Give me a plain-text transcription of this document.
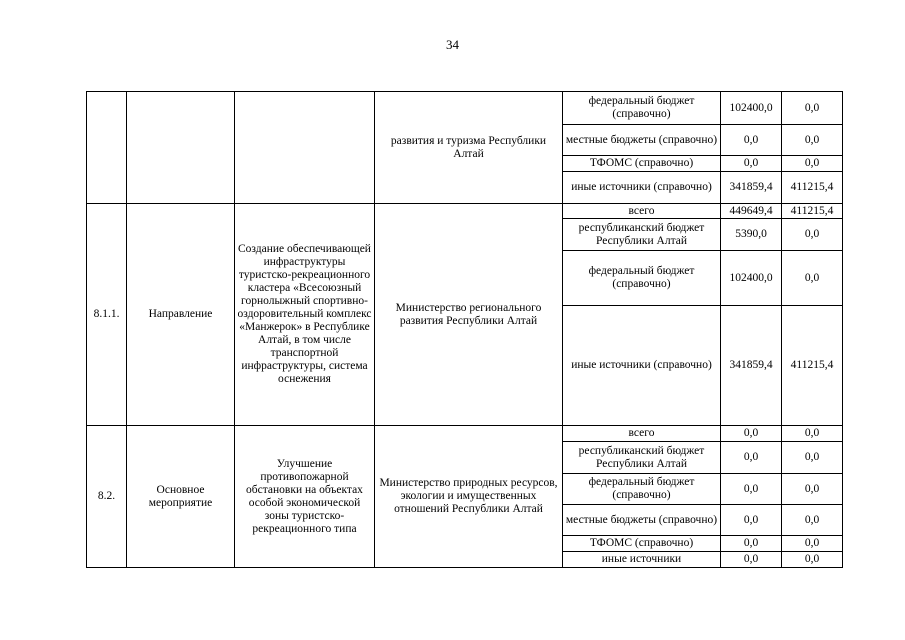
34
			развития и туризма Республики Алтай	федеральный бюджет (справочно)	102400,0	0,0
				местные бюджеты (справочно)	0,0	0,0
				ТФОМС (справочно)	0,0	0,0
				иные источники (справочно)	341859,4	411215,4
8.1.1.	Направление	Создание обеспечивающей инфраструктуры туристско-рекреационного кластера «Всесоюзный горнолыжный спортивно-оздоровительный комплекс «Манжерок» в Республике Алтай, в том числе транспортной инфраструктуры, система оснежения	Министерство регионального развития Республики Алтай	всего	449649,4	411215,4
				республиканский бюджет Республики Алтай	5390,0	0,0
				федеральный бюджет (справочно)	102400,0	0,0
				иные источники (справочно)	341859,4	411215,4
8.2.	Основное мероприятие	Улучшение противопожарной обстановки на объектах особой экономической зоны туристско-рекреационного типа	Министерство природных ресурсов, экологии и имущественных отношений Республики Алтай	всего	0,0	0,0
				республиканский бюджет Республики Алтай	0,0	0,0
				федеральный бюджет (справочно)	0,0	0,0
				местные бюджеты (справочно)	0,0	0,0
				ТФОМС (справочно)	0,0	0,0
				иные источники	0,0	0,0
